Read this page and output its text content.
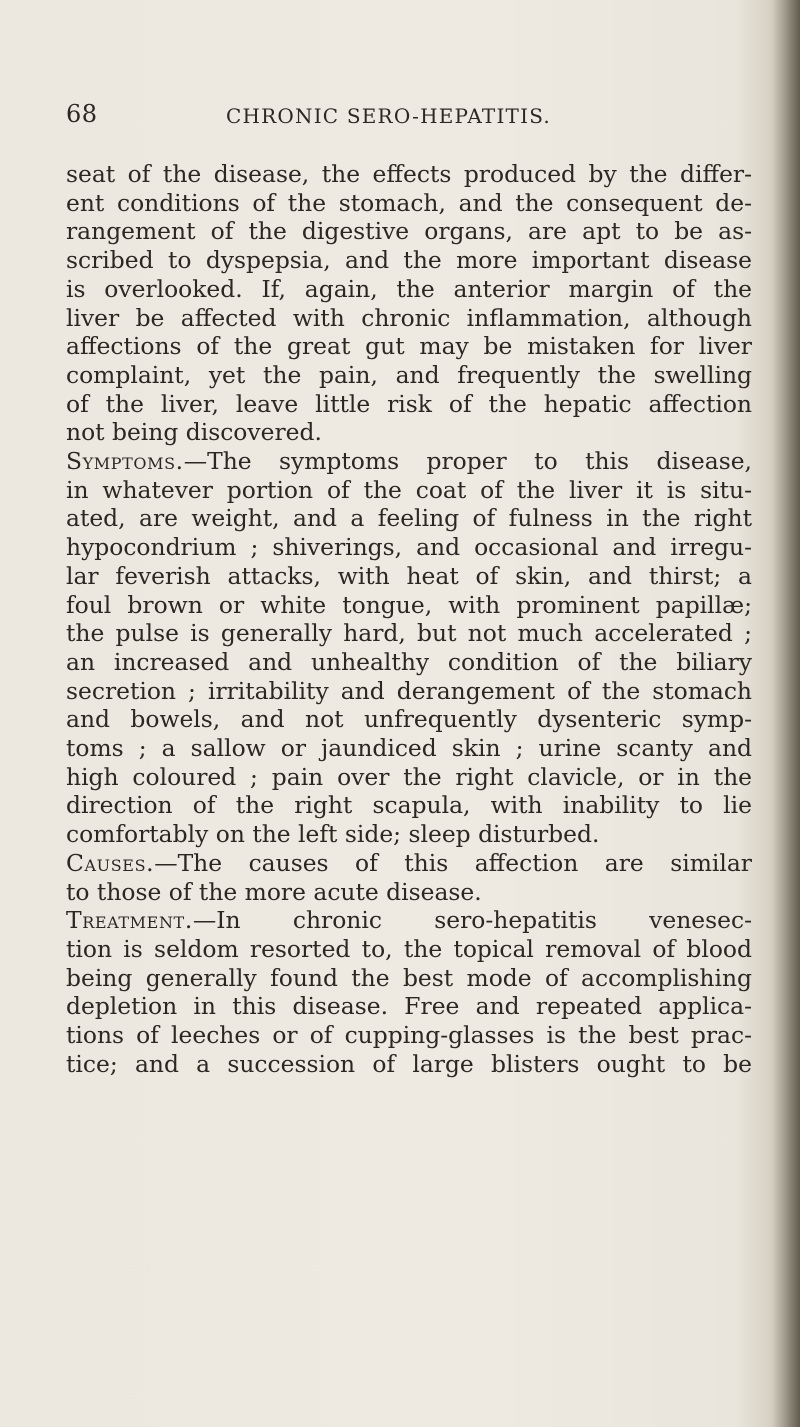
68	CHRONIC SERO-HEPATITIS.
seat of the disease, the effects produced by the differ-
ent conditions of the stomach, and the consequent de-
rangement of the digestive organs, are apt to be as-
scribed to dyspepsia, and the more important disease
is overlooked. If, again, the anterior margin of the
liver be affected with chronic inflammation, although
affections of the great gut may be mistaken for liver
complaint, yet the pain, and frequently the swelling
of the liver, leave little risk of the hepatic affection
not being discovered.
Symptoms.—The symptoms proper to this disease,
in whatever portion of the coat of the liver it is situ-
ated, are weight, and a feeling of fulness in the right
hypocondrium ; shiverings, and occasional and irregu-
lar feverish attacks, with heat of skin, and thirst; a
foul brown or white tongue, with prominent papillæ;
the pulse is generally hard, but not much accelerated ;
an increased and unhealthy condition of the biliary
secretion ; irritability and derangement of the stomach
and bowels, and not unfrequently dysenteric symp-
toms ; a sallow or jaundiced skin ; urine scanty and
high coloured ; pain over the right clavicle, or in the
direction of the right scapula, with inability to lie
comfortably on the left side; sleep disturbed.
Causes.—The causes of this affection are similar
to those of the more acute disease.
Treatment.—In chronic sero-hepatitis venesec-
tion is seldom resorted to, the topical removal of blood
being generally found the best mode of accomplishing
depletion in this disease. Free and repeated applica-
tions of leeches or of cupping-glasses is the best prac-
tice; and a succession of large blisters ought to be
